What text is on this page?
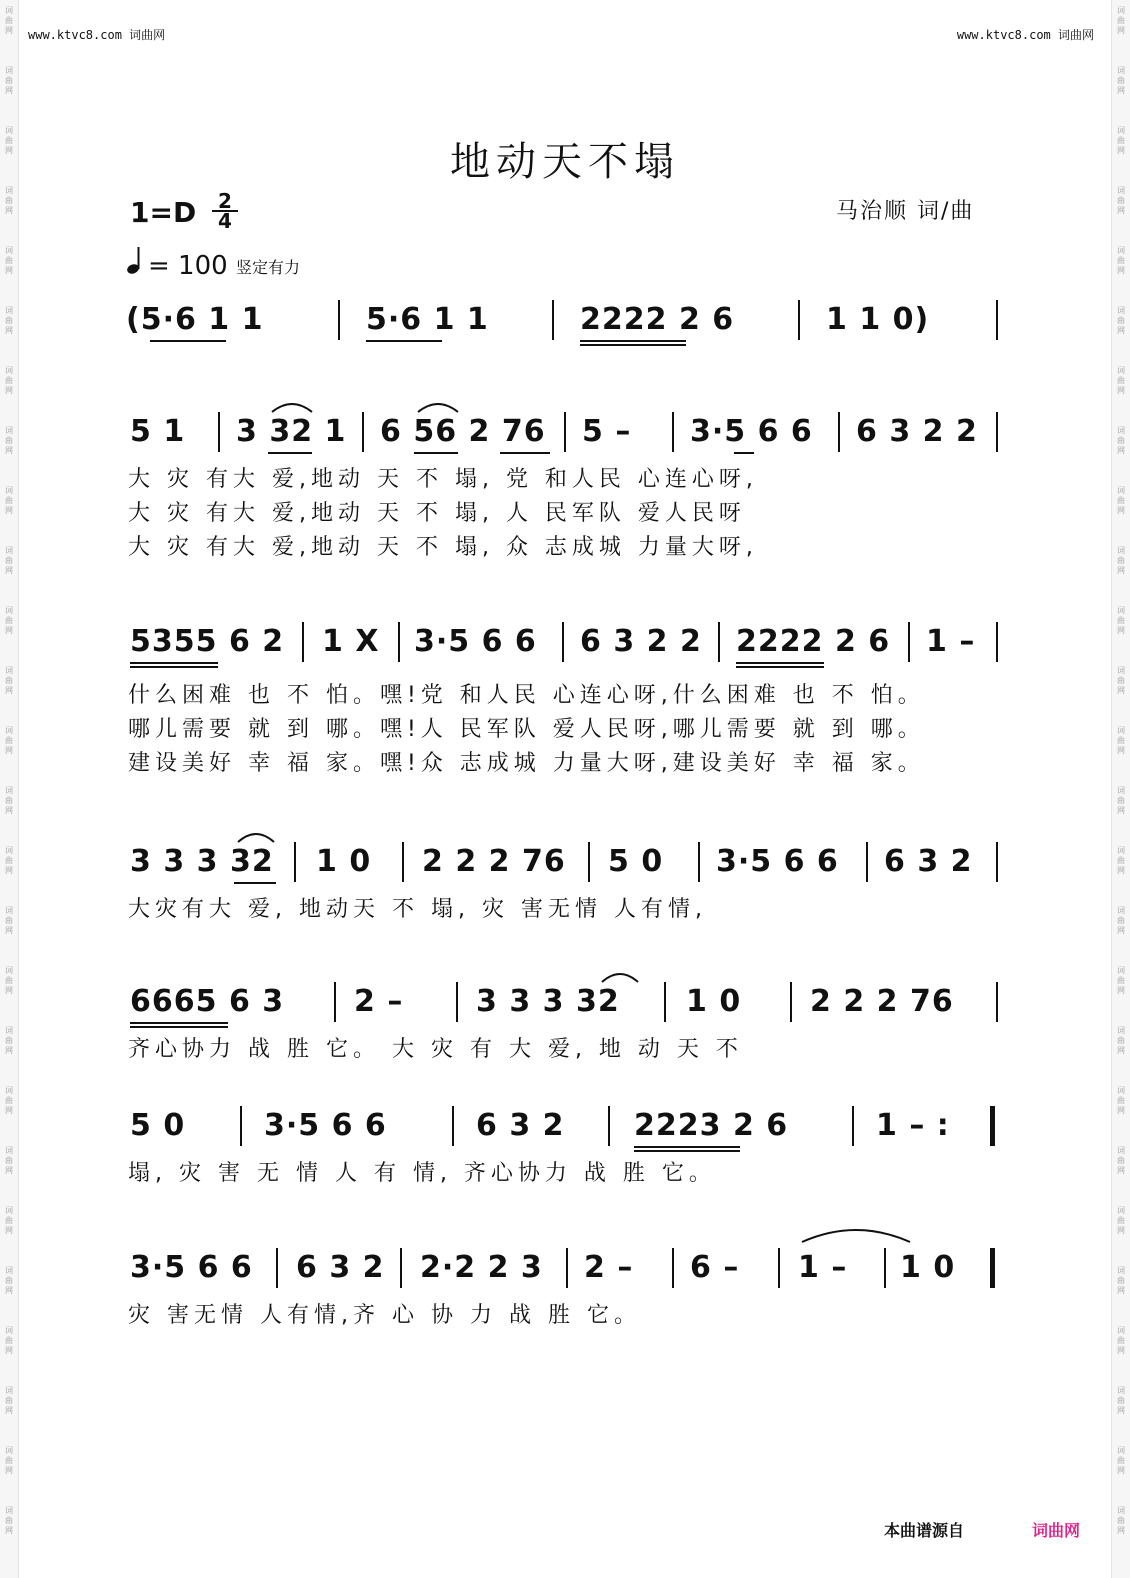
词
曲
网
词
曲
网
词
曲
网
词
曲
网
词
曲
网
词
曲
网
词
曲
网
词
曲
网
词
曲
网
词
曲
网
词
曲
网
词
曲
网
词
曲
网
词
曲
网
词
曲
网
词
曲
网
词
曲
网
词
曲
网
词
曲
网
词
曲
网
词
曲
网
词
曲
网
词
曲
网
词
曲
网
词
曲
网
词
曲
网
词
曲
网
词
曲
网
词
曲
网
词
曲
网
词
曲
网
词
曲
网
词
曲
网
词
曲
网
词
曲
网
词
曲
网
词
曲
网
词
曲
网
词
曲
网
词
曲
网
词
曲
网
词
曲
网
词
曲
网
词
曲
网
词
曲
网
词
曲
网
词
曲
网
词
曲
网
词
曲
网
词
曲
网
词
曲
网
词
曲
网
www.ktvc8.com 词曲网	www.ktvc8.com 词曲网
地动天不塌
马治顺 词/曲
1=D	2
4
= 100 竖定有力
(5·6 1 1	5·6 1 1	2222 2 6	1 1 0)
5 1 3 32 1 6 56 2 76 5 – 3·5 6 6 6 3 2 2
5355 6 2 1 X 3·5 6 6 6 3 2 2 2222 2 6 1 –
3 3 3 32 1 0 2 2 2 76 5 0 3·5 6 6 6 3 2
6665 6 3 2 – 3 3 3 32 1 0 2 2 2 76
5 0	3·5 6 6	6 3 2 2223 2 6	1 – :
3·5 6 6 6 3 2 2·2 2 3 2 – 6 – 1 – 1 0
大 灾 有大 爱,地动 天 不 塌, 党 和人民 心连心呀,
大 灾 有大 爱,地动 天 不 塌, 人 民军队 爱人民呀
大 灾 有大 爱,地动 天 不 塌, 众 志成城 力量大呀,
什么困难 也 不 怕。嘿!党 和人民 心连心呀,什么困难 也 不 怕。
哪儿需要 就 到 哪。嘿!人 民军队 爱人民呀,哪儿需要 就 到 哪。
建设美好 幸 福 家。嘿!众 志成城 力量大呀,建设美好 幸 福 家。
大灾有大 爱, 地动天 不 塌, 灾 害无情 人有情,
齐心协力 战 胜 它。 大 灾 有 大 爱, 地 动 天 不
塌, 灾 害 无 情 人 有 情, 齐心协力 战 胜 它。
灾 害无情 人有情,齐 心 协 力 战 胜 它。
本曲谱源自	词曲网
